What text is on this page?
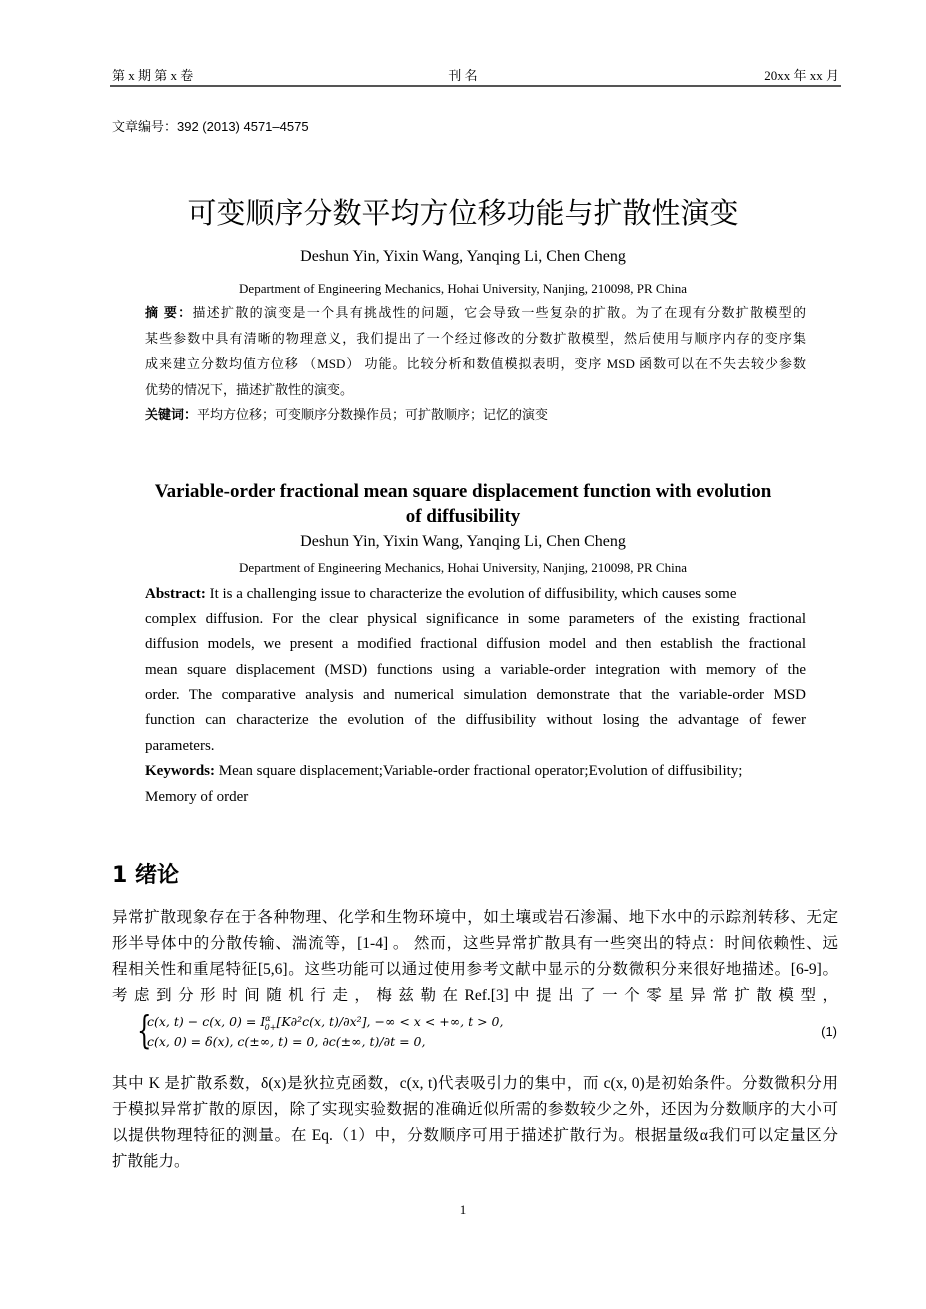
第 x 期 第 x 卷	刊 名	20xx 年 xx 月
文章编号：392 (2013) 4571–4575
可变顺序分数平均方位移功能与扩散性演变
Deshun Yin, Yixin Wang, Yanqing Li, Chen Cheng
Department of Engineering Mechanics, Hohai University, Nanjing, 210098, PR China
摘 要：描述扩散的演变是一个具有挑战性的问题，它会导致一些复杂的扩散。为了在现有分数扩散模型的
某些参数中具有清晰的物理意义，我们提出了一个经过修改的分数扩散模型，然后使用与顺序内存的变序集
成来建立分数均值方位移 （MSD） 功能。比较分析和数值模拟表明，变序 MSD 函数可以在不失去较少参数
优势的情况下，描述扩散性的演变。
关键词：平均方位移；可变顺序分数操作员；可扩散顺序；记忆的演变
Variable-order fractional mean square displacement function with evolution
of diffusibility
Deshun Yin, Yixin Wang, Yanqing Li, Chen Cheng
Department of Engineering Mechanics, Hohai University, Nanjing, 210098, PR China
Abstract: It is a challenging issue to characterize the evolution of diffusibility, which causes some
complex diffusion. For the clear physical significance in some parameters of the existing fractional
diffusion models, we present a modified fractional diffusion model and then establish the fractional
mean square displacement (MSD) functions using a variable-order integration with memory of the
order. The comparative analysis and numerical simulation demonstrate that the variable-order MSD
function can characterize the evolution of the diffusibility without losing the advantage of fewer
parameters.
Keywords: Mean square displacement;Variable-order fractional operator;Evolution of diffusibility;
Memory of order
1 绪论
异常扩散现象存在于各种物理、化学和生物环境中，如土壤或岩石渗漏、地下水中的示踪剂转移、无定
形半导体中的分散传输、湍流等，[1-4] 。 然而，这些异常扩散具有一些突出的特点：时间依赖性、远
程相关性和重尾特征[5,6]。这些功能可以通过使用参考文献中显示的分数微积分来很好地描述。[6-9]。
考 虑 到 分 形 时 间 随 机 行 走 ， 梅 兹 勒 在 Ref.[3] 中 提 出 了 一 个 零 星 异 常 扩 散 模 型 ，
{
c(x, t) − c(x, $0) = I^\alpha_{0+}[K\partial^2c(x$, t)/∂x²], −∞ < x < +∞, t > 0,
c(x, 0) = δ(x), c(±∞, t) = 0, ∂c(±∞, t)/∂t = 0,
(1)
其中 K 是扩散系数，δ(x)是狄拉克函数，c(x, t)代表吸引力的集中，而 c(x, 0)是初始条件。分数微积分用
于模拟异常扩散的原因，除了实现实验数据的准确近似所需的参数较少之外，还因为分数顺序的大小可
以提供物理特征的测量。在 Eq.（1）中，分数顺序可用于描述扩散行为。根据量级α我们可以定量区分
扩散能力。
1
